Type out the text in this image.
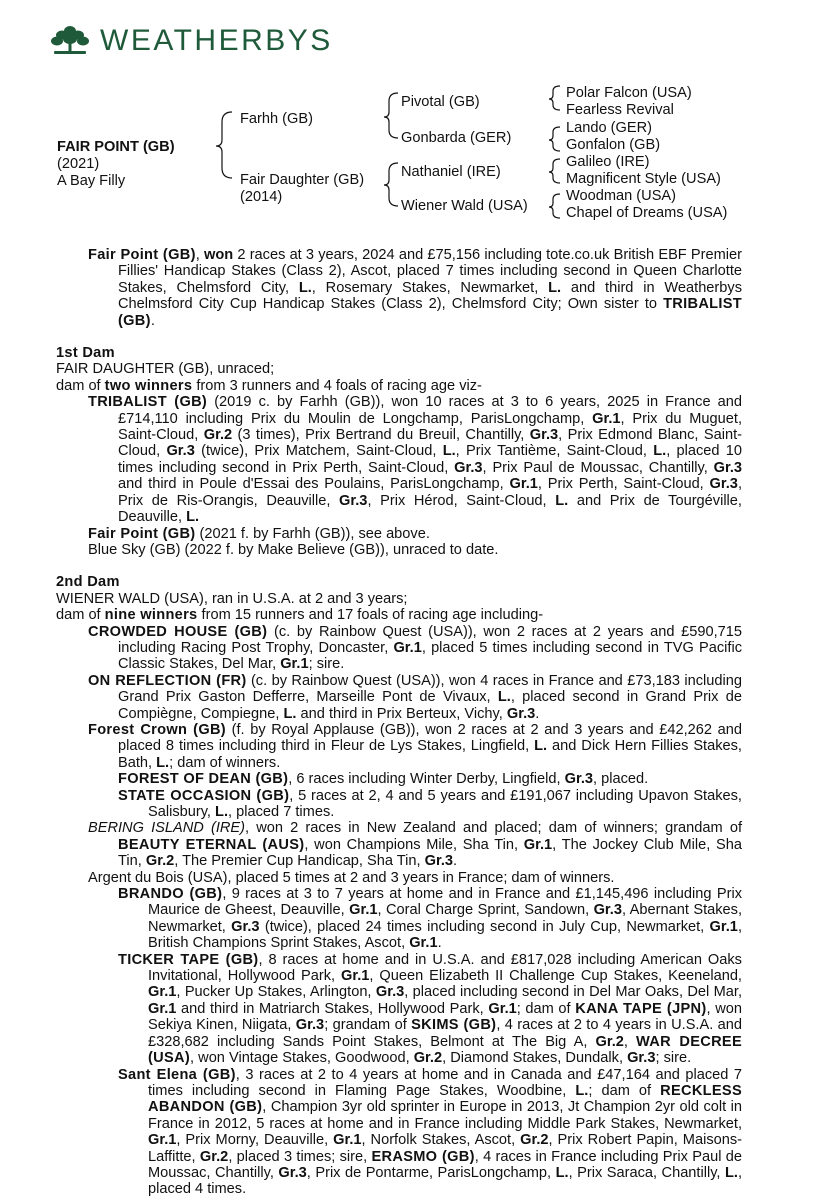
WEATHERBYS
FAIR POINT (GB)
(2021)
A Bay Filly
Farhh (GB)
Fair Daughter (GB)
(2014)
Pivotal (GB)
Gonbarda (GER)
Nathaniel (IRE)
Wiener Wald (USA)
Polar Falcon (USA)
Fearless Revival
Lando (GER)
Gonfalon (GB)
Galileo (IRE)
Magnificent Style (USA)
Woodman (USA)
Chapel of Dreams (USA)

Fair Point (GB), won 2 races at 3 years, 2024 and £75,156 including tote.co.uk British EBF Premier Fillies' Handicap Stakes (Class 2), Ascot, placed 7 times including second in Queen Charlotte Stakes, Chelmsford City, L., Rosemary Stakes, Newmarket, L. and third in Weatherbys Chelmsford City Cup Handicap Stakes (Class 2), Chelmsford City; Own sister to TRIBALIST (GB).

1st Dam

FAIR DAUGHTER (GB), unraced;

dam of two winners from 3 runners and 4 foals of racing age viz-

TRIBALIST (GB) (2019 c. by Farhh (GB)), won 10 races at 3 to 6 years, 2025 in France and £714,110 including Prix du Moulin de Longchamp, ParisLongchamp, Gr.1, Prix du Muguet, Saint-Cloud, Gr.2 (3 times), Prix Bertrand du Breuil, Chantilly, Gr.3, Prix Edmond Blanc, Saint-Cloud, Gr.3 (twice), Prix Matchem, Saint-Cloud, L., Prix Tantième, Saint-Cloud, L., placed 10 times including second in Prix Perth, Saint-Cloud, Gr.3, Prix Paul de Moussac, Chantilly, Gr.3 and third in Poule d'Essai des Poulains, ParisLongchamp, Gr.1, Prix Perth, Saint-Cloud, Gr.3, Prix de Ris-Orangis, Deauville, Gr.3, Prix Hérod, Saint-Cloud, L. and Prix de Tourgéville, Deauville, L.

Fair Point (GB) (2021 f. by Farhh (GB)), see above.

Blue Sky (GB) (2022 f. by Make Believe (GB)), unraced to date.

2nd Dam

WIENER WALD (USA), ran in U.S.A. at 2 and 3 years;

dam of nine winners from 15 runners and 17 foals of racing age including-

CROWDED HOUSE (GB) (c. by Rainbow Quest (USA)), won 2 races at 2 years and £590,715 including Racing Post Trophy, Doncaster, Gr.1, placed 5 times including second in TVG Pacific Classic Stakes, Del Mar, Gr.1; sire.

ON REFLECTION (FR) (c. by Rainbow Quest (USA)), won 4 races in France and £73,183 including Grand Prix Gaston Defferre, Marseille Pont de Vivaux, L., placed second in Grand Prix de Compiègne, Compiegne, L. and third in Prix Berteux, Vichy, Gr.3.

Forest Crown (GB) (f. by Royal Applause (GB)), won 2 races at 2 and 3 years and £42,262 and placed 8 times including third in Fleur de Lys Stakes, Lingfield, L. and Dick Hern Fillies Stakes, Bath, L.; dam of winners.

FOREST OF DEAN (GB), 6 races including Winter Derby, Lingfield, Gr.3, placed.

STATE OCCASION (GB), 5 races at 2, 4 and 5 years and £191,067 including Upavon Stakes, Salisbury, L., placed 7 times.

BERING ISLAND (IRE), won 2 races in New Zealand and placed; dam of winners; grandam of BEAUTY ETERNAL (AUS), won Champions Mile, Sha Tin, Gr.1, The Jockey Club Mile, Sha Tin, Gr.2, The Premier Cup Handicap, Sha Tin, Gr.3.

Argent du Bois (USA), placed 5 times at 2 and 3 years in France; dam of winners.

BRANDO (GB), 9 races at 3 to 7 years at home and in France and £1,145,496 including Prix Maurice de Gheest, Deauville, Gr.1, Coral Charge Sprint, Sandown, Gr.3, Abernant Stakes, Newmarket, Gr.3 (twice), placed 24 times including second in July Cup, Newmarket, Gr.1, British Champions Sprint Stakes, Ascot, Gr.1.

TICKER TAPE (GB), 8 races at home and in U.S.A. and £817,028 including American Oaks Invitational, Hollywood Park, Gr.1, Queen Elizabeth II Challenge Cup Stakes, Keeneland, Gr.1, Pucker Up Stakes, Arlington, Gr.3, placed including second in Del Mar Oaks, Del Mar, Gr.1 and third in Matriarch Stakes, Hollywood Park, Gr.1; dam of KANA TAPE (JPN), won Sekiya Kinen, Niigata, Gr.3; grandam of SKIMS (GB), 4 races at 2 to 4 years in U.S.A. and £328,682 including Sands Point Stakes, Belmont at The Big A, Gr.2, WAR DECREE (USA), won Vintage Stakes, Goodwood, Gr.2, Diamond Stakes, Dundalk, Gr.3; sire.

Sant Elena (GB), 3 races at 2 to 4 years at home and in Canada and £47,164 and placed 7 times including second in Flaming Page Stakes, Woodbine, L.; dam of RECKLESS ABANDON (GB), Champion 3yr old sprinter in Europe in 2013, Jt Champion 2yr old colt in France in 2012, 5 races at home and in France including Middle Park Stakes, Newmarket, Gr.1, Prix Morny, Deauville, Gr.1, Norfolk Stakes, Ascot, Gr.2, Prix Robert Papin, Maisons-Laffitte, Gr.2, placed 3 times; sire, ERASMO (GB), 4 races in France including Prix Paul de Moussac, Chantilly, Gr.3, Prix de Pontarme, ParisLongchamp, L., Prix Saraca, Chantilly, L., placed 4 times.
